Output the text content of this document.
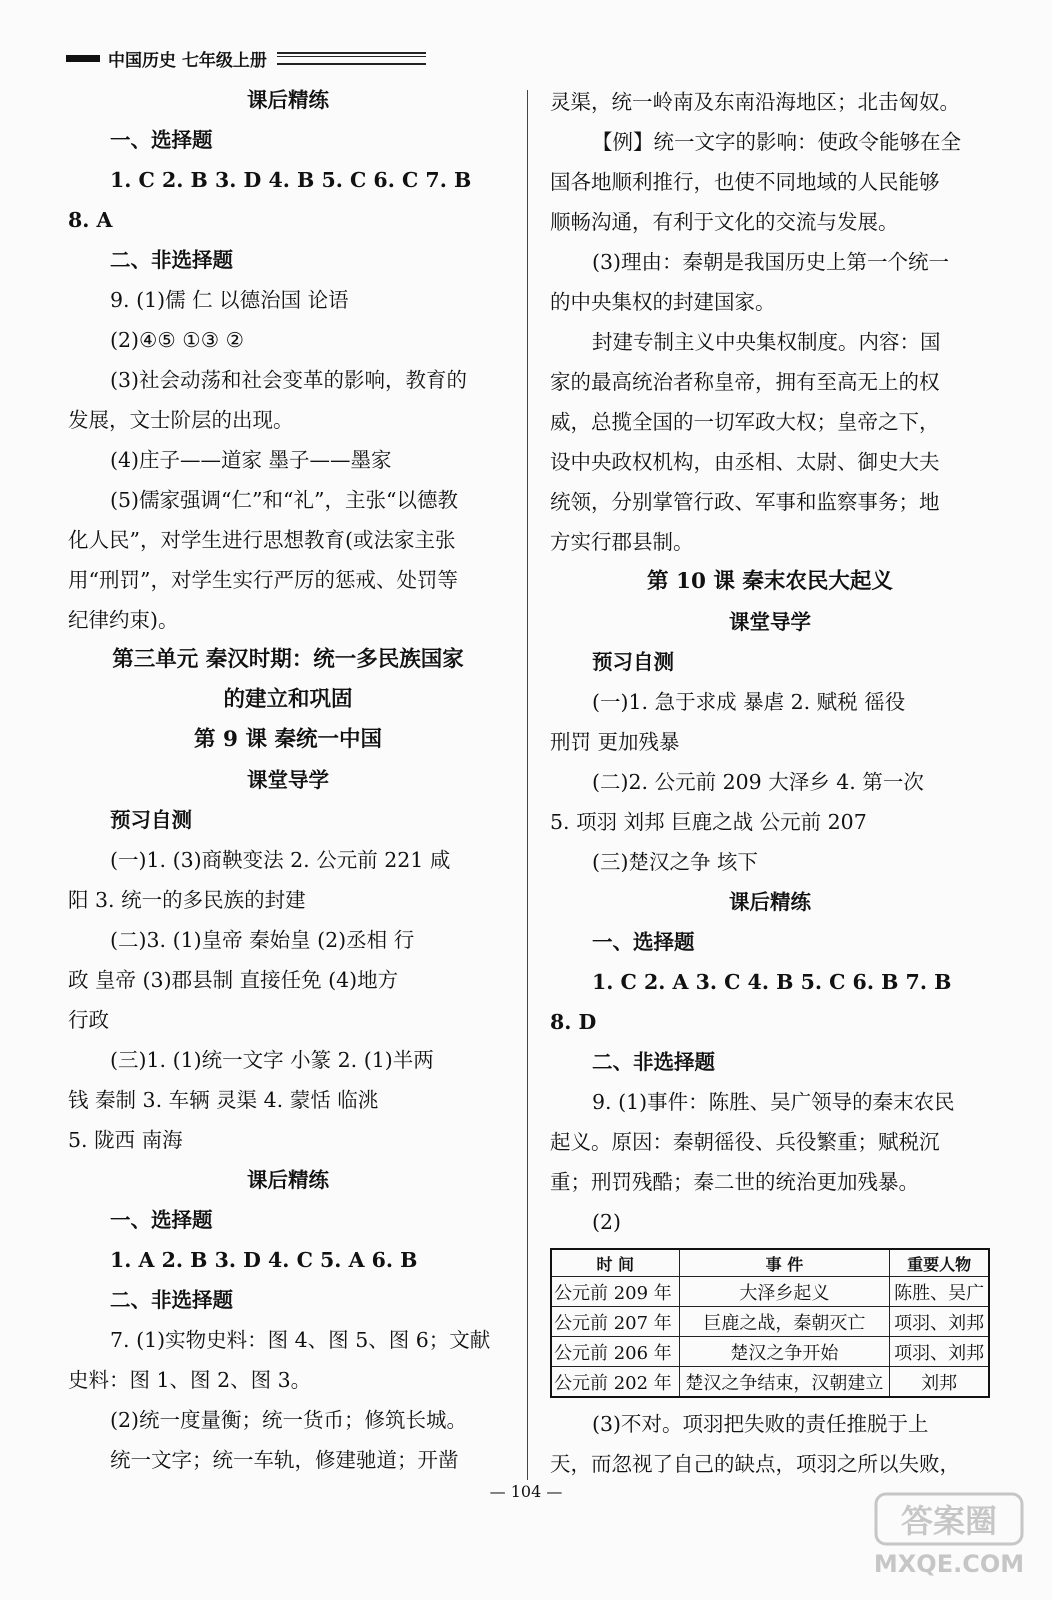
中国历史 七年级上册
课后精练
一、选择题
1. C 2. B 3. D 4. B 5. C 6. C 7. B
8. A
二、非选择题
9. (1)儒 仁 以德治国 论语
(2)④⑤ ①③ ②
(3)社会动荡和社会变革的影响，教育的
发展，文士阶层的出现。
(4)庄子——道家 墨子——墨家
(5)儒家强调“仁”和“礼”，主张“以德教
化人民”，对学生进行思想教育(或法家主张
用“刑罚”，对学生实行严厉的惩戒、处罚等
纪律约束)。
第三单元 秦汉时期：统一多民族国家
的建立和巩固
第 9 课 秦统一中国
课堂导学
预习自测
(一)1. (3)商鞅变法 2. 公元前 221 咸
阳 3. 统一的多民族的封建
(二)3. (1)皇帝 秦始皇 (2)丞相 行
政 皇帝 (3)郡县制 直接任免 (4)地方
行政
(三)1. (1)统一文字 小篆 2. (1)半两
钱 秦制 3. 车辆 灵渠 4. 蒙恬 临洮
5. 陇西 南海
课后精练
一、选择题
1. A 2. B 3. D 4. C 5. A 6. B
二、非选择题
7. (1)实物史料：图 4、图 5、图 6；文献
史料：图 1、图 2、图 3。
(2)统一度量衡；统一货币；修筑长城。
统一文字；统一车轨，修建驰道；开凿
灵渠，统一岭南及东南沿海地区；北击匈奴。
【例】统一文字的影响：使政令能够在全
国各地顺利推行，也使不同地域的人民能够
顺畅沟通，有利于文化的交流与发展。
(3)理由：秦朝是我国历史上第一个统一
的中央集权的封建国家。
封建专制主义中央集权制度。内容：国
家的最高统治者称皇帝，拥有至高无上的权
威，总揽全国的一切军政大权；皇帝之下，
设中央政权机构，由丞相、太尉、御史大夫
统领，分别掌管行政、军事和监察事务；地
方实行郡县制。
第 10 课 秦末农民大起义
课堂导学
预习自测
(一)1. 急于求成 暴虐 2. 赋税 徭役
刑罚 更加残暴
(二)2. 公元前 209 大泽乡 4. 第一次
5. 项羽 刘邦 巨鹿之战 公元前 207
(三)楚汉之争 垓下
课后精练
一、选择题
1. C 2. A 3. C 4. B 5. C 6. B 7. B
8. D
二、非选择题
9. (1)事件：陈胜、吴广领导的秦末农民
起义。原因：秦朝徭役、兵役繁重；赋税沉
重；刑罚残酷；秦二世的统治更加残暴。
(2)
时 间	事 件	重要人物
公元前 209 年	大泽乡起义	陈胜、吴广
公元前 207 年	巨鹿之战，秦朝灭亡	项羽、刘邦
公元前 206 年	楚汉之争开始	项羽、刘邦
公元前 202 年	楚汉之争结束，汉朝建立	刘邦
(3)不对。项羽把失败的责任推脱于上
天，而忽视了自己的缺点，项羽之所以失败，
— 104 —
答案圈
MXQE.COM
